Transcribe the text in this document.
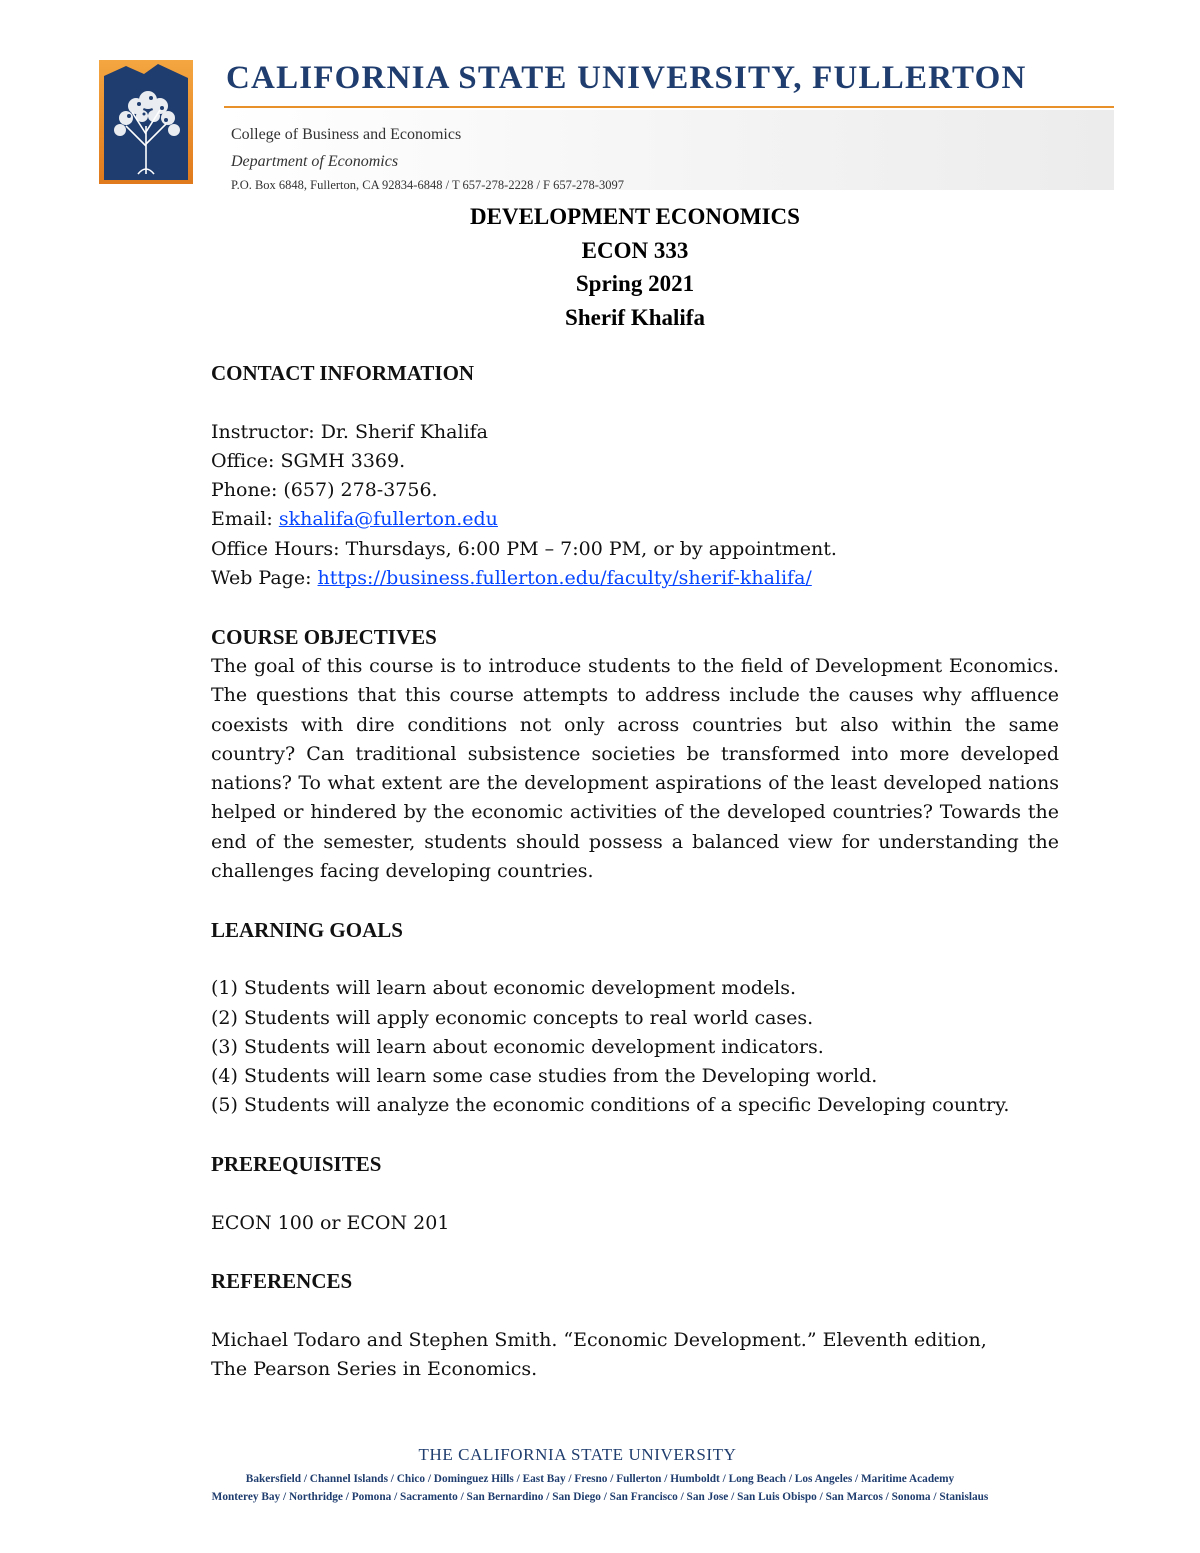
CALIFORNIA STATE UNIVERSITY, FULLERTON
College of Business and Economics
Department of Economics
P.O. Box 6848, Fullerton, CA 92834-6848 / T 657-278-2228 / F 657-278-3097
DEVELOPMENT ECONOMICS
ECON 333
Spring 2021
Sherif Khalifa
CONTACT INFORMATION
Instructor: Dr. Sherif Khalifa
Office: SGMH 3369.
Phone: (657) 278-3756.
Email: skhalifa@fullerton.edu
Office Hours: Thursdays, 6:00 PM – 7:00 PM, or by appointment.
Web Page: https://business.fullerton.edu/faculty/sherif-khalifa/
COURSE OBJECTIVES
The goal of this course is to introduce students to the field of Development Economics. The questions that this course attempts to address include the causes why affluence coexists with dire conditions not only across countries but also within the same country? Can traditional subsistence societies be transformed into more developed nations? To what extent are the development aspirations of the least developed nations helped or hindered by the economic activities of the developed countries? Towards the end of the semester, students should possess a balanced view for understanding the challenges facing developing countries.
LEARNING GOALS
(1) Students will learn about economic development models.
(2) Students will apply economic concepts to real world cases.
(3) Students will learn about economic development indicators.
(4) Students will learn some case studies from the Developing world.
(5) Students will analyze the economic conditions of a specific Developing country.
PREREQUISITES
ECON 100 or ECON 201
REFERENCES
Michael Todaro and Stephen Smith. “Economic Development.” Eleventh edition,
The Pearson Series in Economics.
THE CALIFORNIA STATE UNIVERSITY
Bakersfield / Channel Islands / Chico / Dominguez Hills / East Bay / Fresno / Fullerton / Humboldt / Long Beach / Los Angeles / Maritime Academy
Monterey Bay / Northridge / Pomona / Sacramento / San Bernardino / San Diego / San Francisco / San Jose / San Luis Obispo / San Marcos / Sonoma / Stanislaus
